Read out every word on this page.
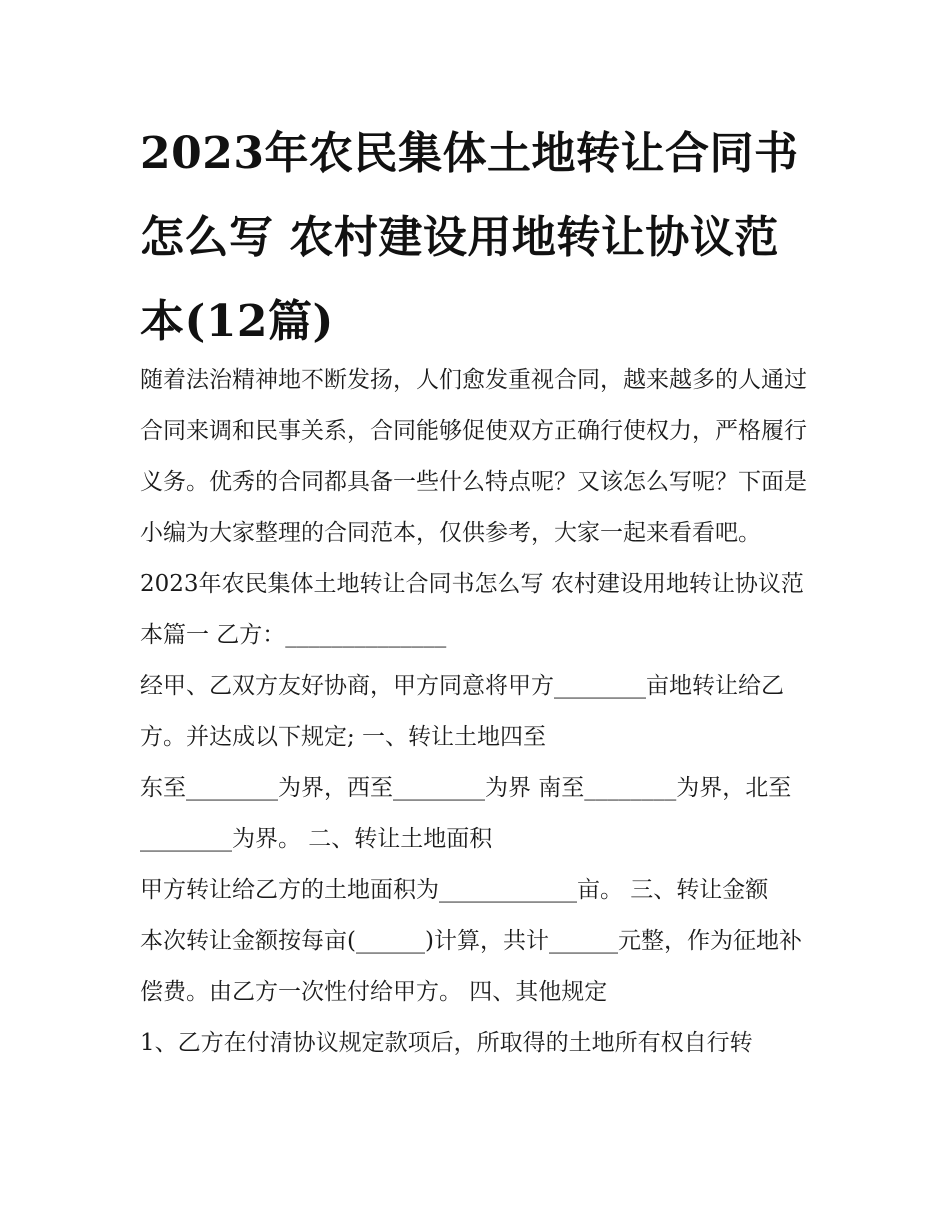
2023年农民集体土地转让合同书怎么写 农村建设用地转让协议范本(12篇)

随着法治精神地不断发扬，人们愈发重视合同，越来越多的人通过合同来调和民事关系，合同能够促使双方正确行使权力，严格履行义务。优秀的合同都具备一些什么特点呢？又该怎么写呢？下面是小编为大家整理的合同范本，仅供参考，大家一起来看看吧。

2023年农民集体土地转让合同书怎么写 农村建设用地转让协议范本篇一 乙方：______________

经甲、乙双方友好协商，甲方同意将甲方________亩地转让给乙方。并达成以下规定; 一、转让土地四至

东至________为界，西至________为界 南至________为界，北至________为界。 二、转让土地面积

甲方转让给乙方的土地面积为____________亩。 三、转让金额

本次转让金额按每亩(______)计算，共计______元整，作为征地补偿费。由乙方一次性付给甲方。 四、其他规定

1、乙方在付清协议规定款项后，所取得的土地所有权自行转
